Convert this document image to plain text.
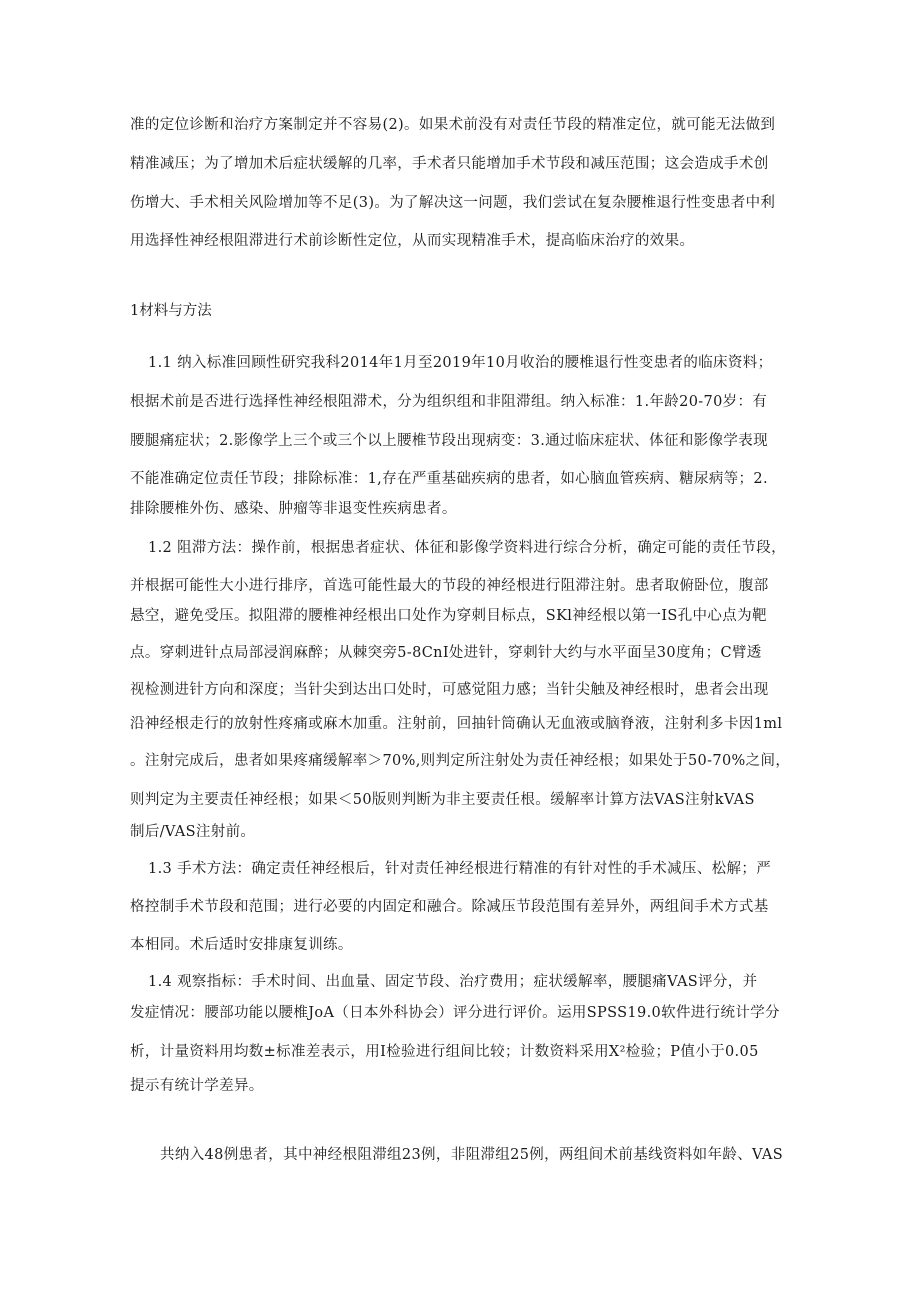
准的定位诊断和治疗方案制定并不容易(2)。如果术前没有对责任节段的精准定位，就可能无法做到
精准减压；为了增加术后症状缓解的几率，手术者只能增加手术节段和减压范围；这会造成手术创
伤增大、手术相关风险增加等不足(3)。为了解决这一问题，我们尝试在复杂腰椎退行性变患者中利
用选择性神经根阻滞进行术前诊断性定位，从而实现精准手术，提高临床治疗的效果。
1材料与方法
1.1 纳入标准回顾性研究我科2014年1月至2019年10月收治的腰椎退行性变患者的临床资料；
根据术前是否进行选择性神经根阻滞术，分为组织组和非阻滞组。纳入标准：1.年龄20-70岁：有
腰腿痛症状；2.影像学上三个或三个以上腰椎节段出现病变：3.通过临床症状、体征和影像学表现
不能准确定位责任节段；排除标准：1,存在严重基础疾病的患者，如心脑血管疾病、糖尿病等；2.
排除腰椎外伤、感染、肿瘤等非退变性疾病患者。
1.2 阻滞方法：操作前，根据患者症状、体征和影像学资料进行综合分析，确定可能的责任节段，
并根据可能性大小进行排序，首选可能性最大的节段的神经根进行阻滞注射。患者取俯卧位，腹部
悬空，避免受压。拟阻滞的腰椎神经根出口处作为穿刺目标点，SKl神经根以第一IS孔中心点为靶
点。穿刺进针点局部浸润麻醉；从棘突旁5-8CnI处进针，穿刺针大约与水平面呈30度角；C臂透
视检测进针方向和深度；当针尖到达出口处时，可感觉阻力感；当针尖触及神经根时，患者会出现
沿神经根走行的放射性疼痛或麻木加重。注射前，回抽针筒确认无血液或脑脊液，注射利多卡因1ml
。注射完成后，患者如果疼痛缓解率＞70%,则判定所注射处为责任神经根；如果处于50-70%之间，
则判定为主要责任神经根；如果＜50版则判断为非主要责任根。缓解率计算方法VAS注射kVAS
制后/VAS注射前。
1.3 手术方法：确定责任神经根后，针对责任神经根进行精准的有针对性的手术减压、松解；严
格控制手术节段和范围；进行必要的内固定和融合。除减压节段范围有差异外，两组间手术方式基
本相同。术后适时安排康复训练。
1.4 观察指标：手术时间、出血量、固定节段、治疗费用；症状缓解率，腰腿痛VAS评分，并
发症情况：腰部功能以腰椎JoA（日本外科协会）评分进行评价。运用SPSS19.0软件进行统计学分
析，计量资料用均数±标准差表示，用I检验进行组间比较；计数资料采用X²检验；P值小于0.05
提示有统计学差异。
共纳入48例患者，其中神经根阻滞组23例，非阻滞组25例，两组间术前基线资料如年龄、VAS
